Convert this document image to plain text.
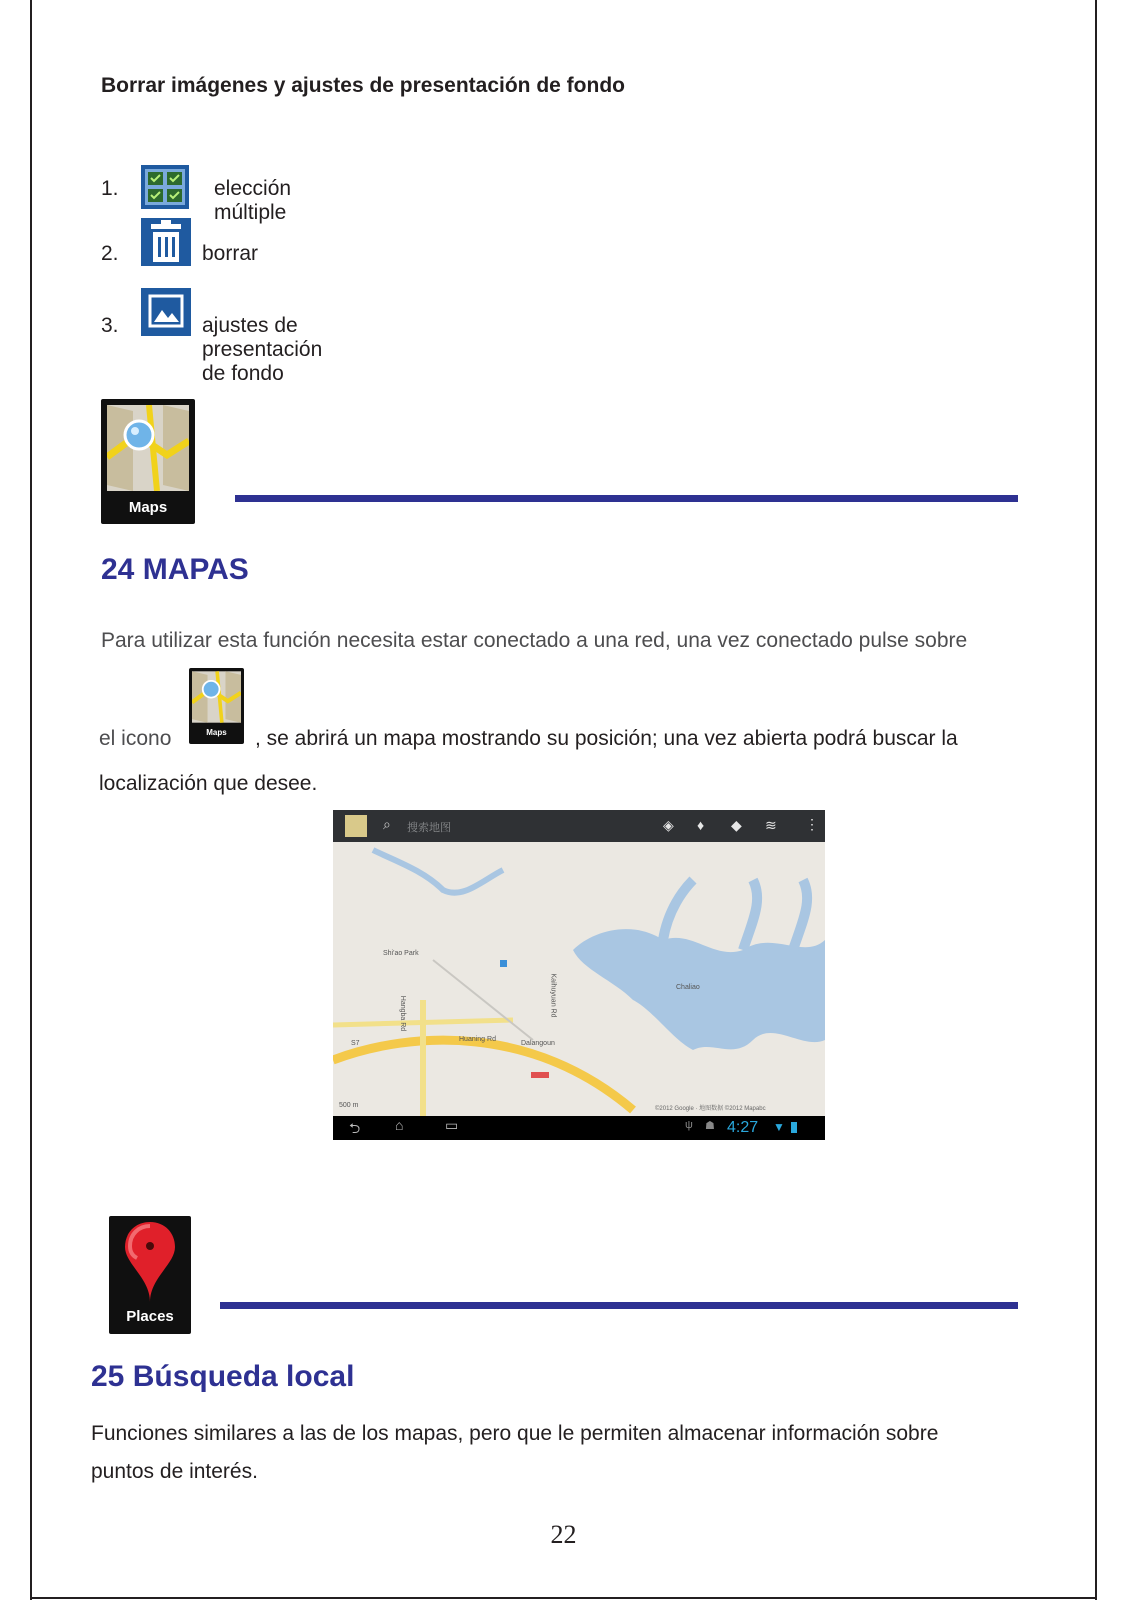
Borrar imágenes y ajustes de presentación de fondo
1.	elección múltiple
2.	borrar
3.	ajustes de presentación de fondo
Maps
24 MAPAS
Para utilizar esta función necesita estar conectado a una red, una vez conectado pulse sobre
el icono	Maps	, se abrirá un mapa mostrando su posición; una vez abierta podrá buscar la
localización que desee.
⌕ 搜索地图	◈ ♦ ◆ ≋ ⋮
Chaliao
Shi'ao Park
Dalangoun
Huaning Rd
Kaihuyuan Rd
Hangba Rd
S7
500 m	©2012 Google · 地图数据 ©2012 Mapabc
⮌ ⌂	▭	ψ ☗ 4:27 ▼
Places
25 Búsqueda local
Funciones similares a las de los mapas, pero que le permiten almacenar información sobre
puntos de interés.
22
